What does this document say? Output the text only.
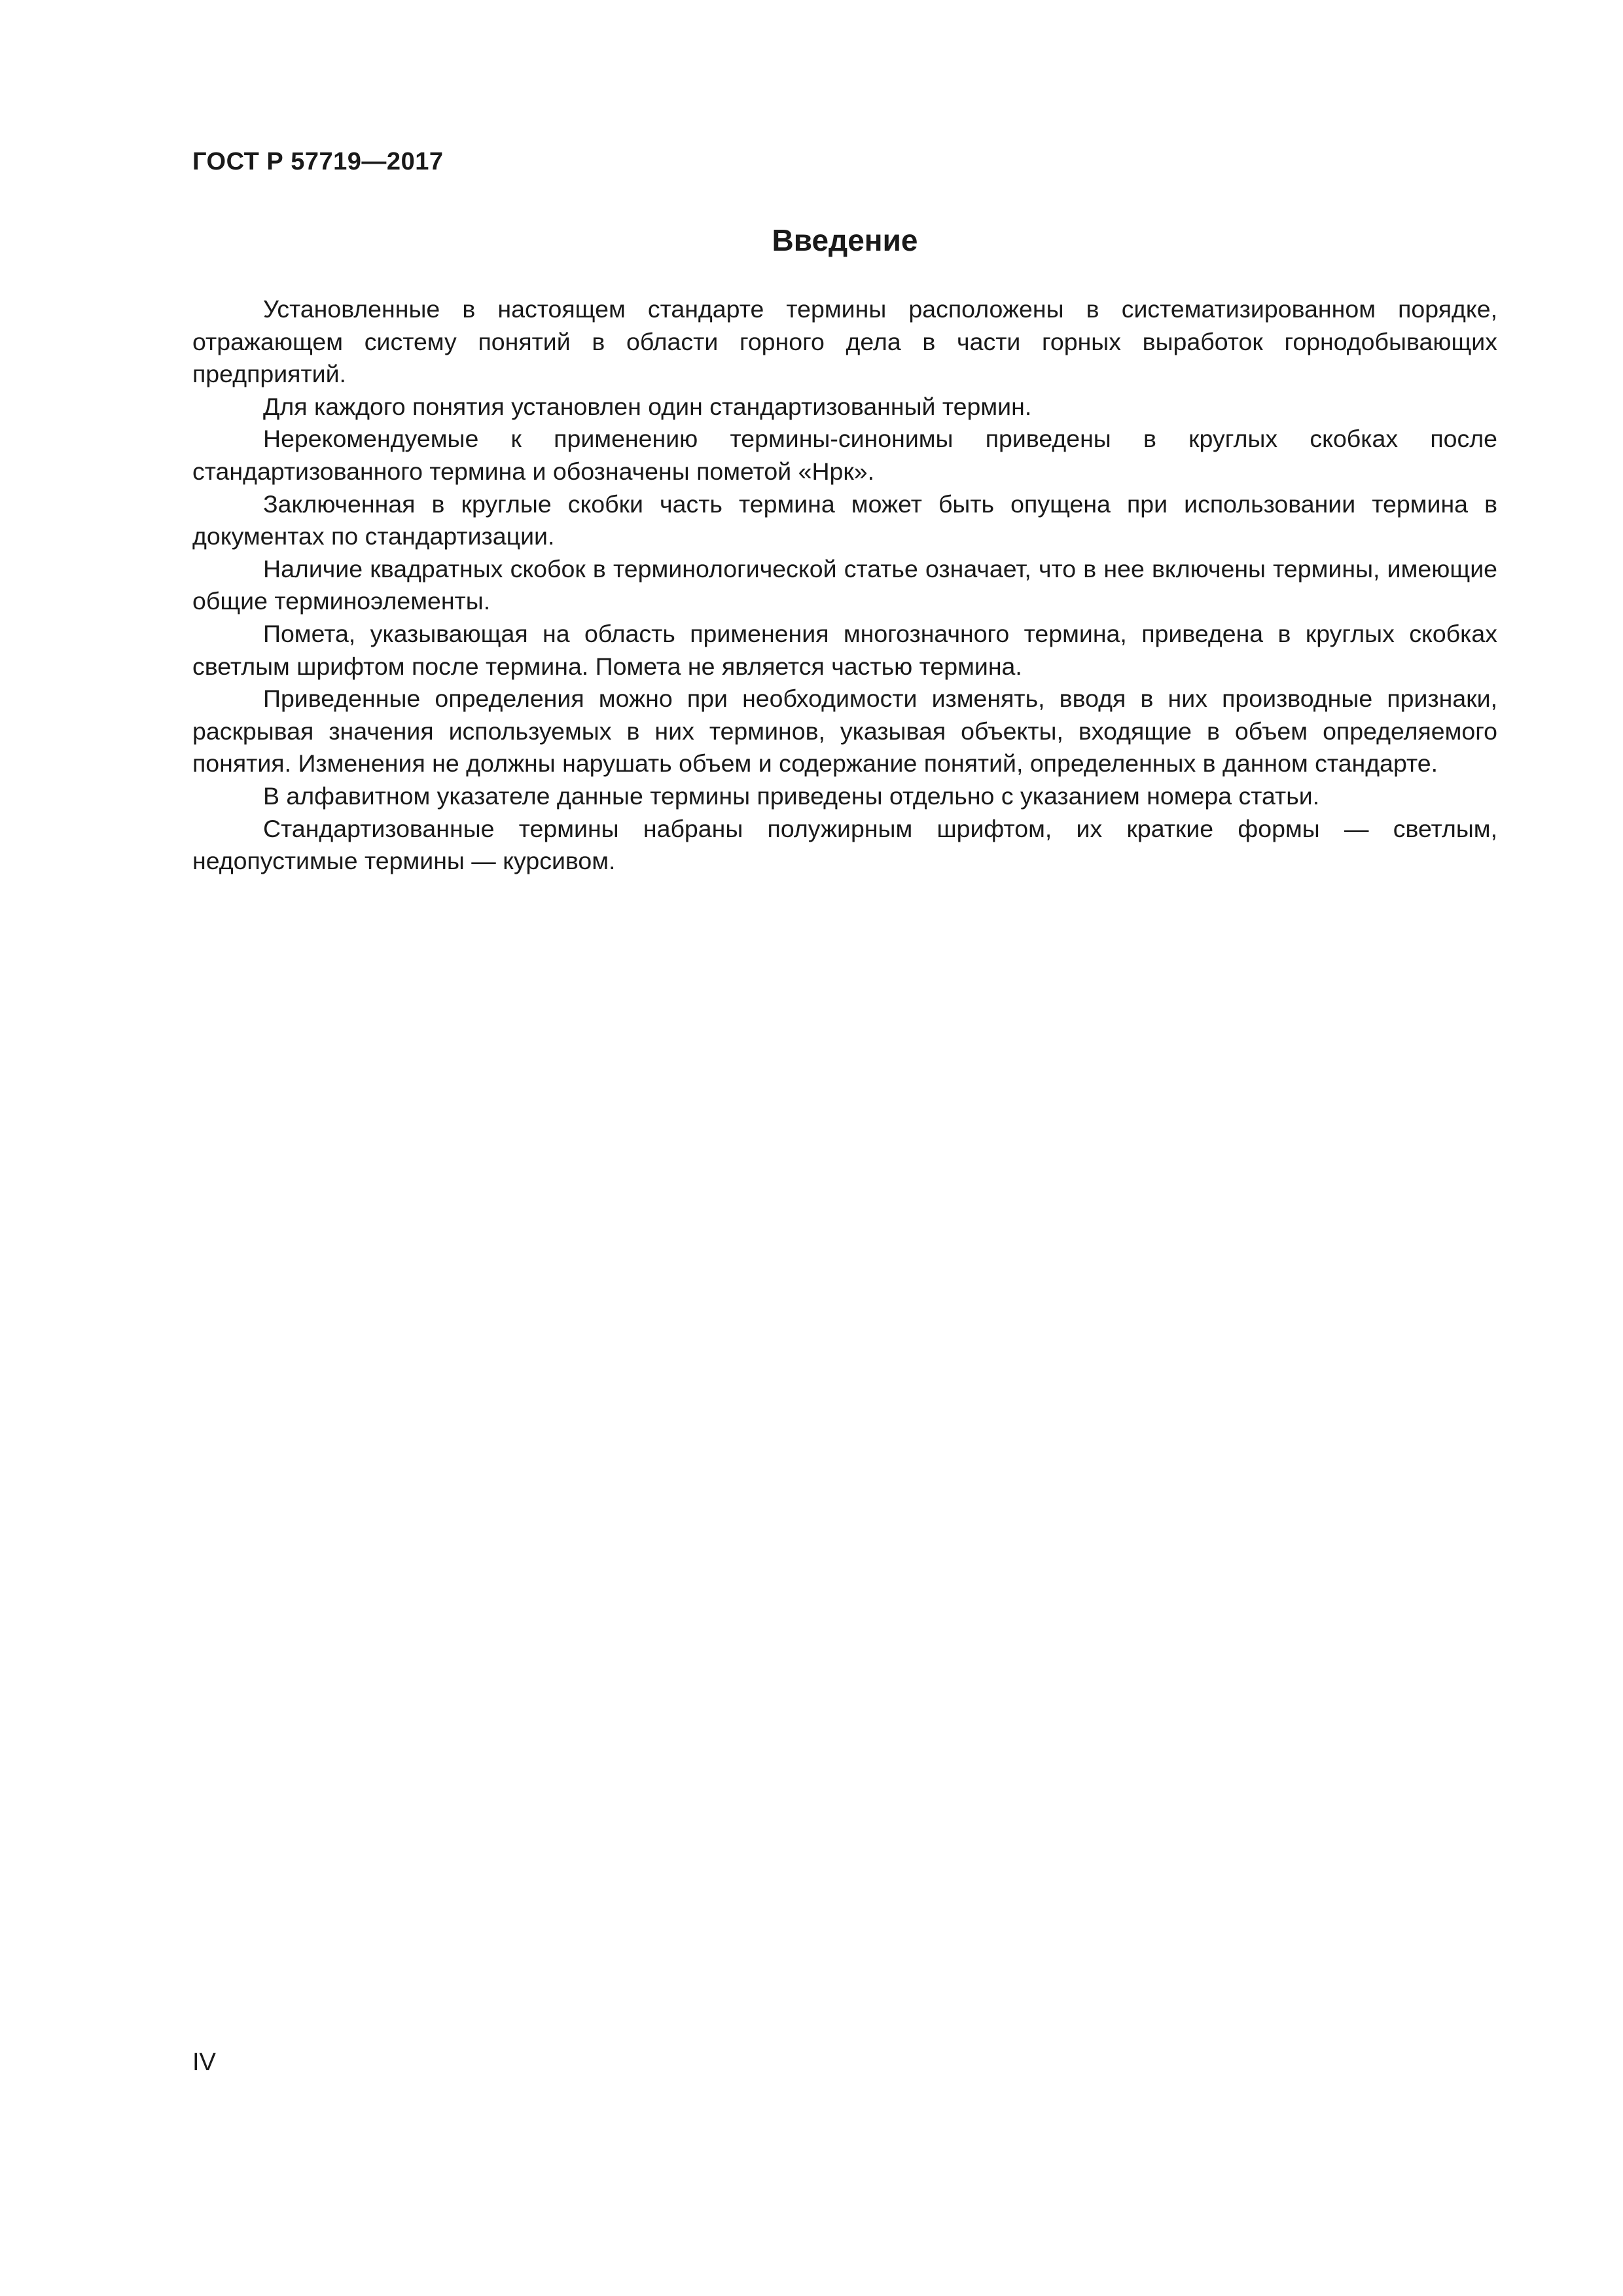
ГОСТ Р 57719—2017
Введение

Установленные в настоящем стандарте термины расположены в систематизированном порядке, отражающем систему понятий в области горного дела в части горных выработок горнодобывающих предприятий.

Для каждого понятия установлен один стандартизованный термин.

Нерекомендуемые к применению термины-синонимы приведены в круглых скобках после стандартизованного термина и обозначены пометой «Нрк».

Заключенная в круглые скобки часть термина может быть опущена при использовании термина в документах по стандартизации.

Наличие квадратных скобок в терминологической статье означает, что в нее включены термины, имеющие общие терминоэлементы.

Помета, указывающая на область применения многозначного термина, приведена в круглых скобках светлым шрифтом после термина. Помета не является частью термина.

Приведенные определения можно при необходимости изменять, вводя в них производные признаки, раскрывая значения используемых в них терминов, указывая объекты, входящие в объем определяемого понятия. Изменения не должны нарушать объем и содержание понятий, определенных в данном стандарте.

В алфавитном указателе данные термины приведены отдельно с указанием номера статьи.

Стандартизованные термины набраны полужирным шрифтом, их краткие формы — светлым, недопустимые термины — курсивом.

IV
